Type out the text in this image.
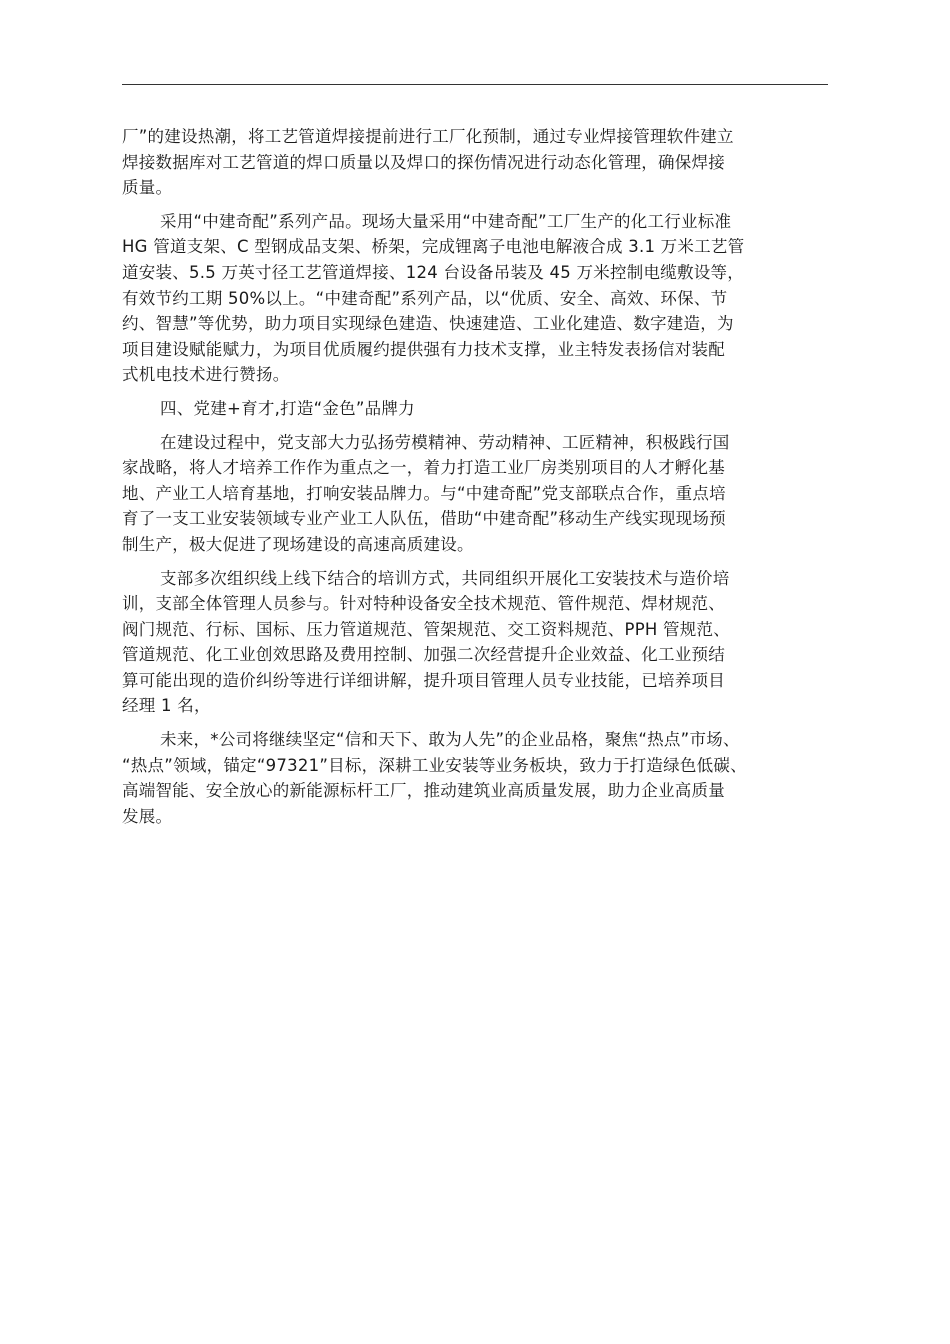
厂”的建设热潮，将工艺管道焊接提前进行工厂化预制，通过专业焊接管理软件建立
焊接数据库对工艺管道的焊口质量以及焊口的探伤情况进行动态化管理，确保焊接
质量。
采用“中建奇配”系列产品。现场大量采用“中建奇配”工厂生产的化工行业标准
HG 管道支架、C 型钢成品支架、桥架，完成锂离子电池电解液合成 3.1 万米工艺管
道安装、5.5 万英寸径工艺管道焊接、124 台设备吊装及 45 万米控制电缆敷设等，
有效节约工期 50%以上。“中建奇配”系列产品，以“优质、安全、高效、环保、节
约、智慧”等优势，助力项目实现绿色建造、快速建造、工业化建造、数字建造，为
项目建设赋能赋力，为项目优质履约提供强有力技术支撑，业主特发表扬信对装配
式机电技术进行赞扬。
四、党建+育才,打造“金色”品牌力
在建设过程中，党支部大力弘扬劳模精神、劳动精神、工匠精神，积极践行国
家战略，将人才培养工作作为重点之一，着力打造工业厂房类别项目的人才孵化基
地、产业工人培育基地，打响安装品牌力。与“中建奇配”党支部联点合作，重点培
育了一支工业安装领域专业产业工人队伍，借助“中建奇配”移动生产线实现现场预
制生产，极大促进了现场建设的高速高质建设。
支部多次组织线上线下结合的培训方式，共同组织开展化工安装技术与造价培
训，支部全体管理人员参与。针对特种设备安全技术规范、管件规范、焊材规范、
阀门规范、行标、国标、压力管道规范、管架规范、交工资料规范、PPH 管规范、
管道规范、化工业创效思路及费用控制、加强二次经营提升企业效益、化工业预结
算可能出现的造价纠纷等进行详细讲解，提升项目管理人员专业技能，已培养项目
经理 1 名，
未来，*公司将继续坚定“信和天下、敢为人先”的企业品格，聚焦“热点”市场、
“热点”领域，锚定“97321”目标，深耕工业安装等业务板块，致力于打造绿色低碳、
高端智能、安全放心的新能源标杆工厂，推动建筑业高质量发展，助力企业高质量
发展。
